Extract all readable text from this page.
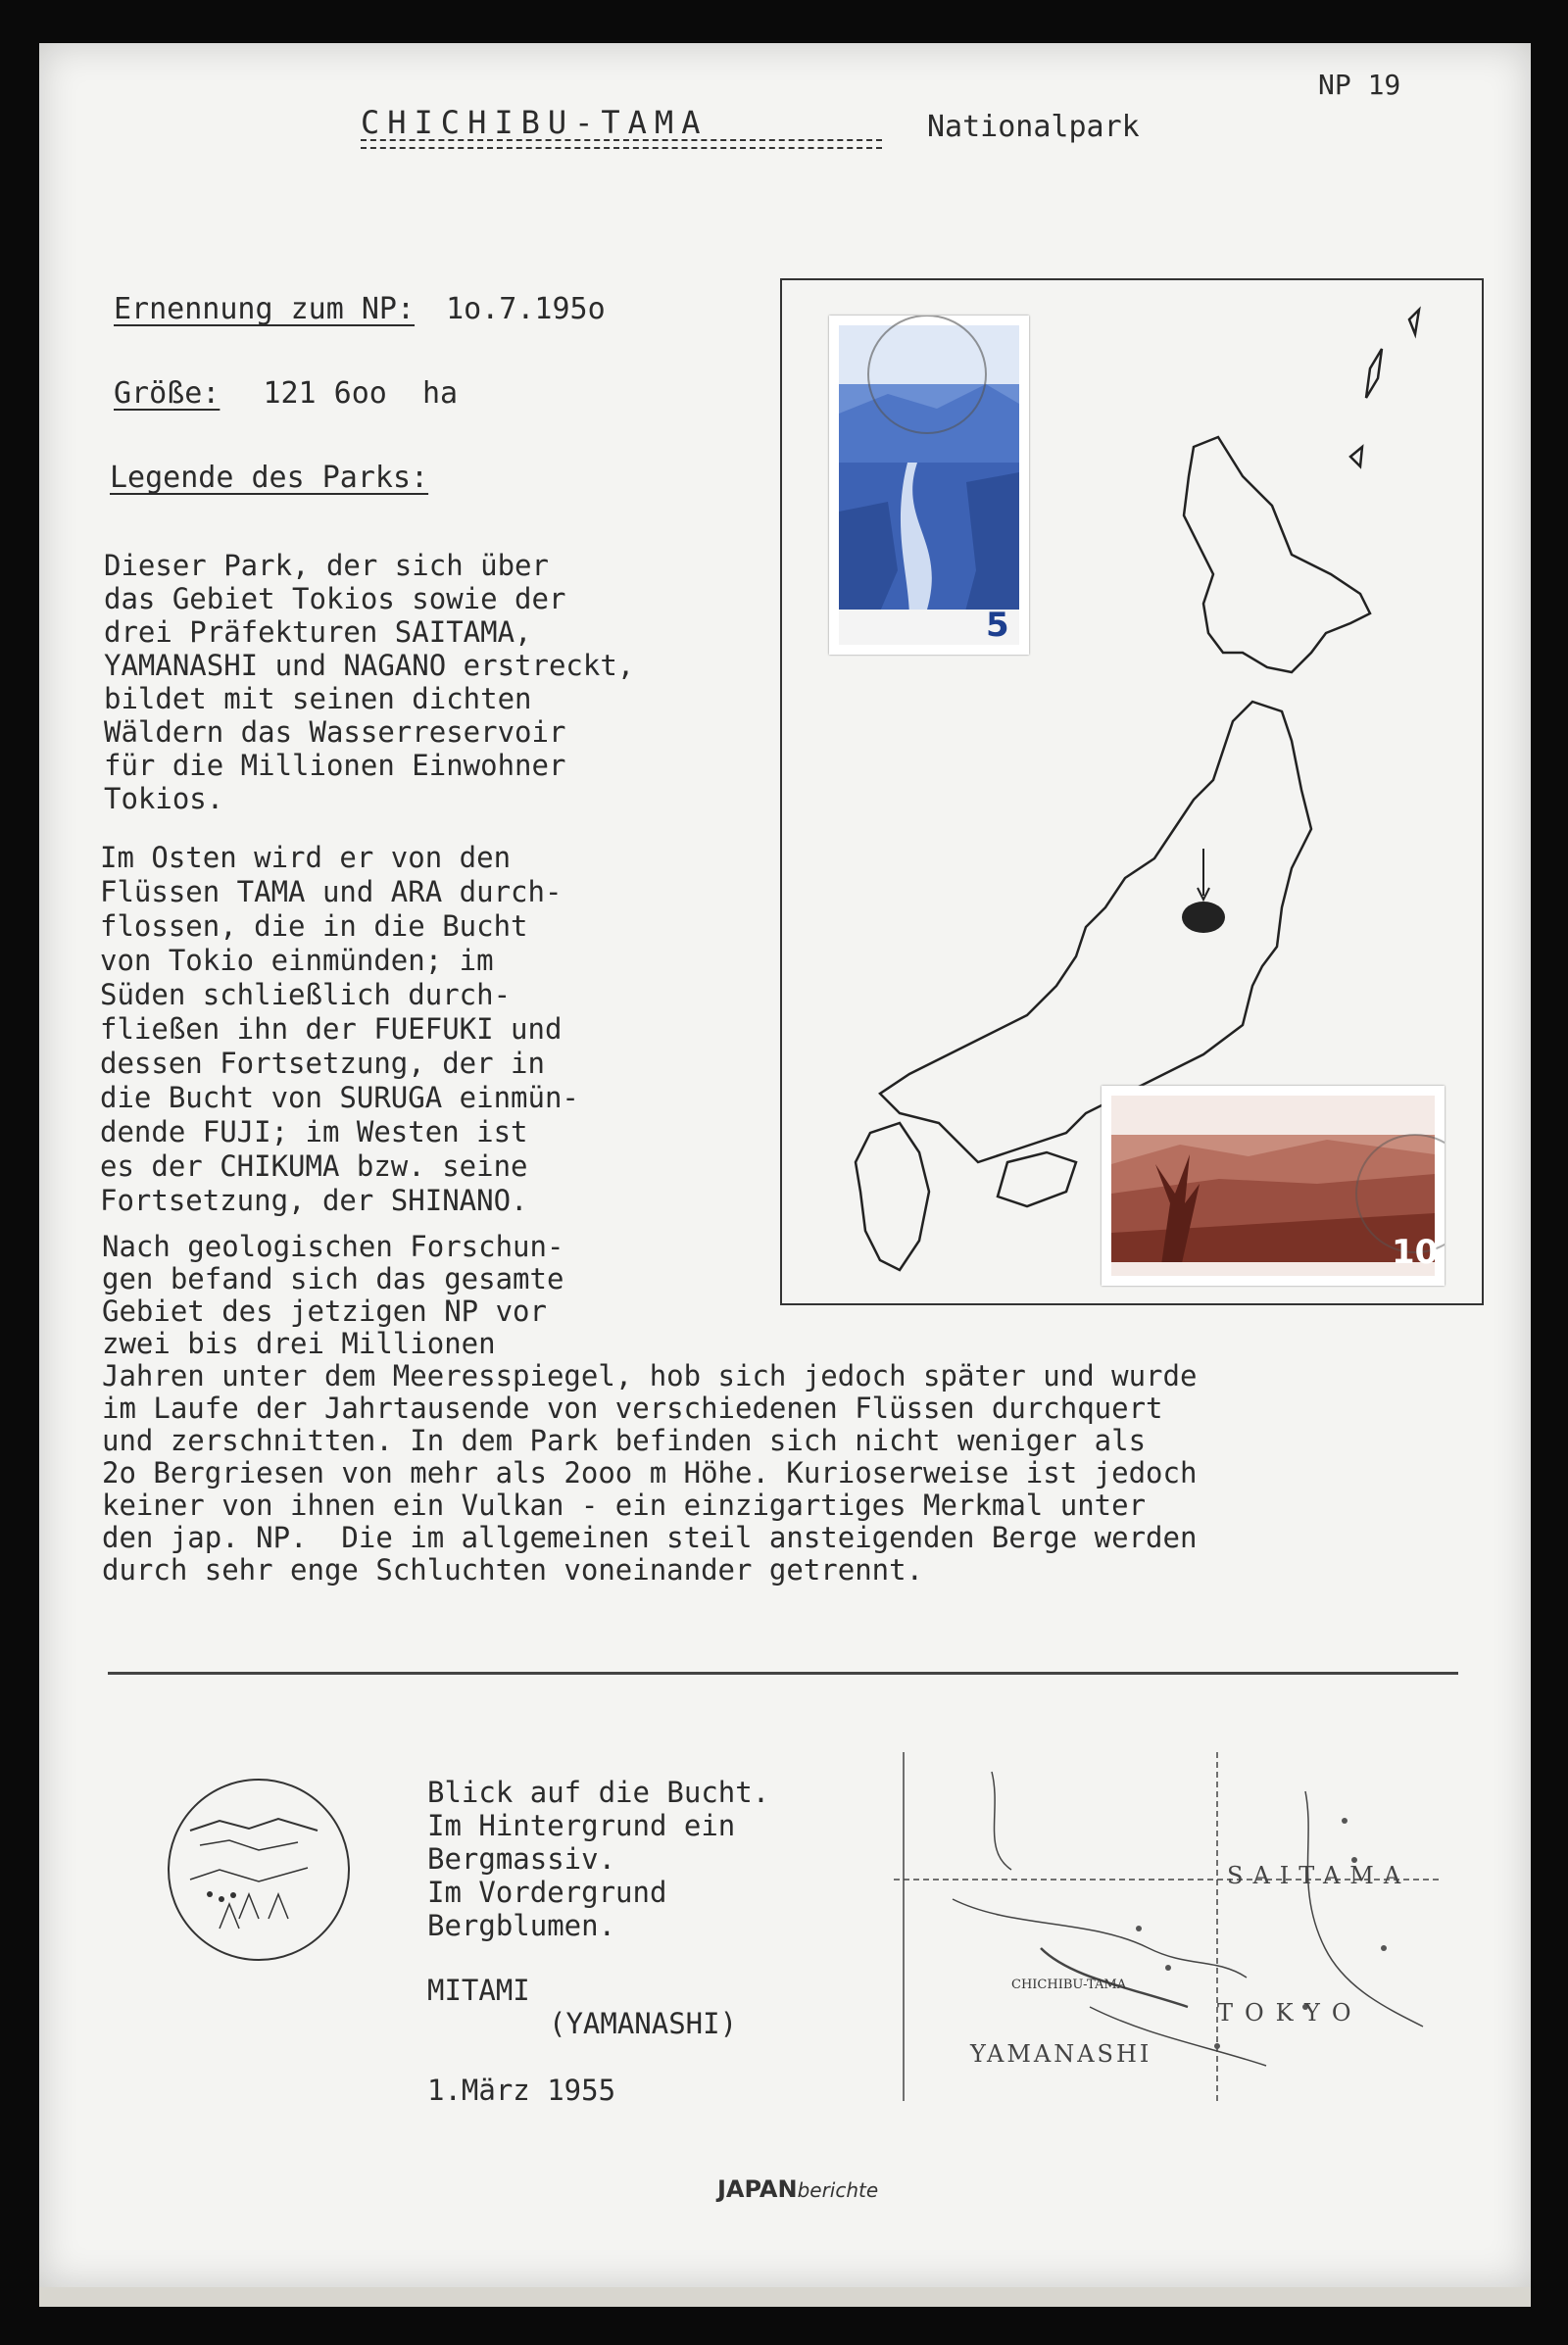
NP 19
CHICHIBU-TAMA	Nationalpark
Ernennung zum NP: 1o.7.195o
Größe: 121 6oo  ha
Legende des Parks:
Dieser Park, der sich über
das Gebiet Tokios sowie der
drei Präfekturen SAITAMA,
YAMANASHI und NAGANO erstreckt,
bildet mit seinen dichten
Wäldern das Wasserreservoir
für die Millionen Einwohner
Tokios.
Im Osten wird er von den
Flüssen TAMA und ARA durch-
flossen, die in die Bucht
von Tokio einmünden; im
Süden schließlich durch-
fließen ihn der FUEFUKI und
dessen Fortsetzung, der in
die Bucht von SURUGA einmün-
dende FUJI; im Westen ist
es der CHIKUMA bzw. seine
Fortsetzung, der SHINANO.
Nach geologischen Forschun-
gen befand sich das gesamte
Gebiet des jetzigen NP vor
zwei bis drei Millionen
Jahren unter dem Meeresspiegel, hob sich jedoch später und wurde
im Laufe der Jahrtausende von verschiedenen Flüssen durchquert
und zerschnitten. In dem Park befinden sich nicht weniger als
2o Bergriesen von mehr als 2ooo m Höhe. Kurioserweise ist jedoch
keiner von ihnen ein Vulkan - ein einzigartiges Merkmal unter
den jap. NP.  Die im allgemeinen steil ansteigenden Berge werden
durch sehr enge Schluchten voneinander getrennt.
5
10
Blick auf die Bucht.
Im Hintergrund ein
Bergmassiv.
Im Vordergrund
Bergblumen.
MITAMI
(YAMANASHI)
1.März 1955
SAITAMA
TOKYO
YAMANASHI
CHICHIBU-TAMA
JAPANberichte
